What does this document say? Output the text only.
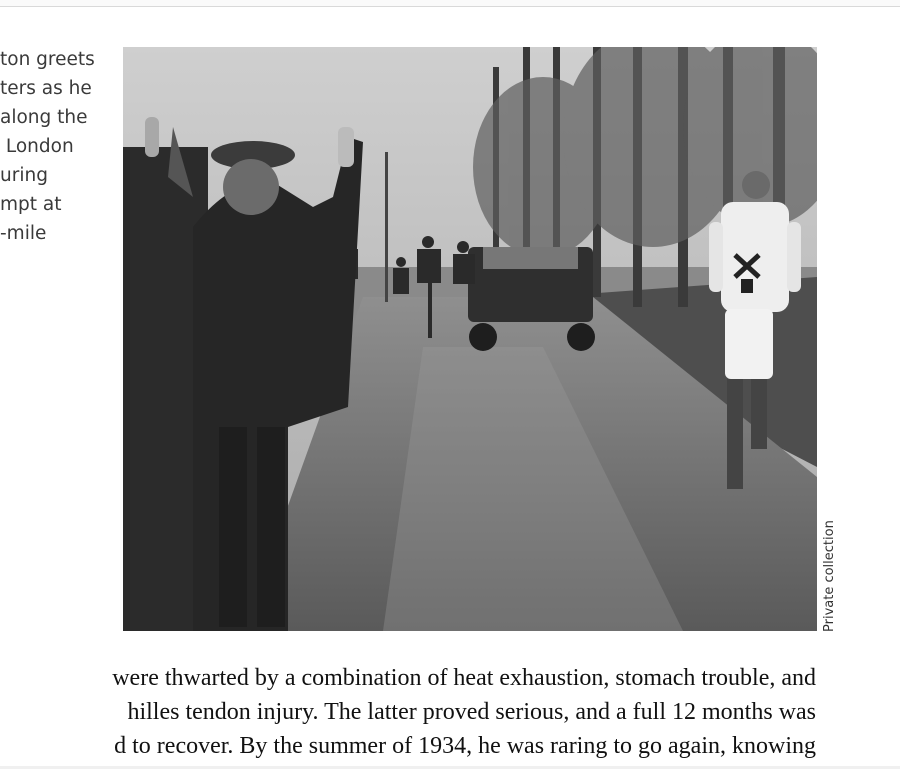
ton greets
ters as he
along the
London
uring
mpt at
-mile
Private collection
were thwarted by a combination of heat exhaustion, stomach trouble, and
hilles tendon injury. The latter proved serious, and a full 12 months was
d to recover. By the summer of 1934, he was raring to go again, knowing
